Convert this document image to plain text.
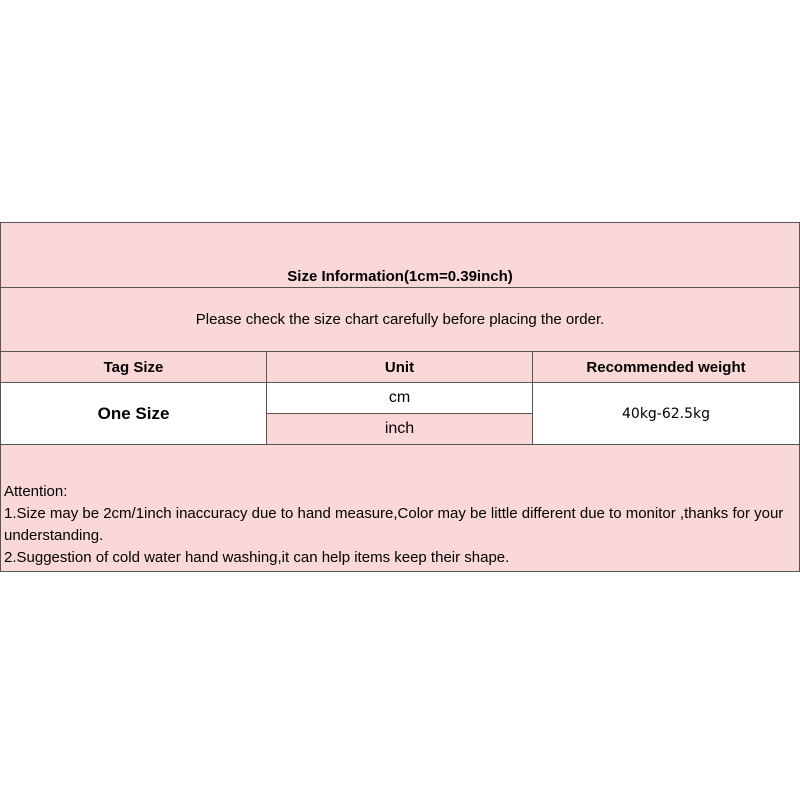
Size Information(1cm=0.39inch)		
Please check the size chart carefully before placing the order.		
Tag Size	Unit	Recommended weight
One Size	cm	40kg-62.5kg
	inch	

Attention:

1.Size may be 2cm/1inch inaccuracy due to hand measure,Color may be little different due to monitor ,thanks for your understanding.

2.Suggestion of cold water hand washing,it can help items keep their shape.		
